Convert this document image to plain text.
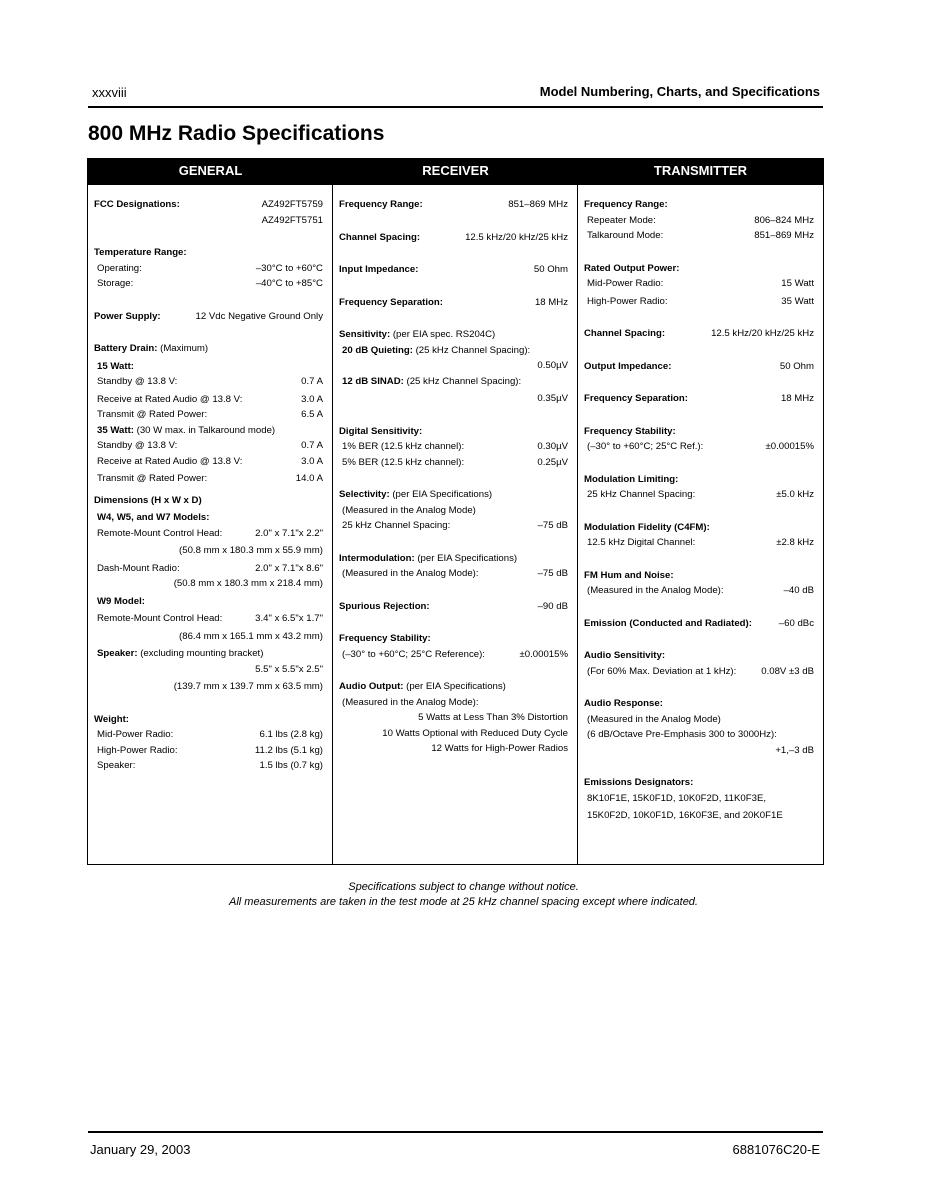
xxxviii	Model Numbering, Charts, and Specifications
800 MHz Radio Specifications
GENERAL	RECEIVER	TRANSMITTER
FCC Designations:	AZ492FT5759
AZ492FT5751
Temperature Range:
Operating:	–30°C to +60°C
Storage:	–40°C to +85°C
Power Supply:	12 Vdc Negative Ground Only
Battery Drain: (Maximum)
15 Watt:
Standby @ 13.8 V:	0.7 A
Receive at Rated Audio @ 13.8 V:	3.0 A
Transmit @ Rated Power:	6.5 A
35 Watt: (30 W max. in Talkaround mode)
Standby @ 13.8 V:	0.7 A
Receive at Rated Audio @ 13.8 V:	3.0 A
Transmit @ Rated Power:	14.0 A
Dimensions (H x W x D)
W4, W5, and W7 Models:
Remote-Mount Control Head:	2.0" x 7.1"x 2.2"
(50.8 mm x 180.3 mm x 55.9 mm)
Dash-Mount Radio:	2.0" x 7.1"x 8.6"
(50.8 mm x 180.3 mm x 218.4 mm)
W9 Model:
Remote-Mount Control Head:	3.4" x 6.5"x 1.7"
(86.4 mm x 165.1 mm x 43.2 mm)
Speaker: (excluding mounting bracket)
5.5" x 5.5"x 2.5"
(139.7 mm x 139.7 mm x 63.5 mm)
Weight:
Mid-Power Radio:	6.1 lbs (2.8 kg)
High-Power Radio:	11.2 lbs (5.1 kg)
Speaker:	1.5 lbs (0.7 kg)
Frequency Range:	851–869 MHz
Channel Spacing:	12.5 kHz/20 kHz/25 kHz
Input Impedance:	50 Ohm
Frequency Separation:	18 MHz
Sensitivity: (per EIA spec. RS204C)
20 dB Quieting: (25 kHz Channel Spacing):
0.50µV
12 dB SINAD: (25 kHz Channel Spacing):
0.35µV
Digital Sensitivity:
1% BER (12.5 kHz channel):	0.30µV
5% BER (12.5 kHz channel):	0.25µV
Selectivity: (per EIA Specifications)
(Measured in the Analog Mode)
25 kHz Channel Spacing:	–75 dB
Intermodulation: (per EIA Specifications)
(Measured in the Analog Mode):	–75 dB
Spurious Rejection:	–90 dB
Frequency Stability:
(–30° to +60°C; 25°C Reference):	±0.00015%
Audio Output: (per EIA Specifications)
(Measured in the Analog Mode):
5 Watts at Less Than 3% Distortion
10 Watts Optional with Reduced Duty Cycle
12 Watts for High-Power Radios
Frequency Range:
Repeater Mode:	806–824 MHz
Talkaround Mode:	851–869 MHz
Rated Output Power:
Mid-Power Radio:	15 Watt
High-Power Radio:	35 Watt
Channel Spacing:	12.5 kHz/20 kHz/25 kHz
Output Impedance:	50 Ohm
Frequency Separation:	18 MHz
Frequency Stability:
(–30° to +60°C; 25°C Ref.):	±0.00015%
Modulation Limiting:
25 kHz Channel Spacing:	±5.0 kHz
Modulation Fidelity (C4FM):
12.5 kHz Digital Channel:	±2.8 kHz
FM Hum and Noise:
(Measured in the Analog Mode):	–40 dB
Emission (Conducted and Radiated):	–60 dBc
Audio Sensitivity:
(For 60% Max. Deviation at 1 kHz):	0.08V ±3 dB
Audio Response:
(Measured in the Analog Mode)
(6 dB/Octave Pre-Emphasis 300 to 3000Hz):
+1,–3 dB
Emissions Designators:
8K10F1E, 15K0F1D, 10K0F2D, 11K0F3E,
15K0F2D, 10K0F1D, 16K0F3E, and 20K0F1E
Specifications subject to change without notice.
All measurements are taken in the test mode at 25 kHz channel spacing except where indicated.
January 29, 2003	6881076C20-E
